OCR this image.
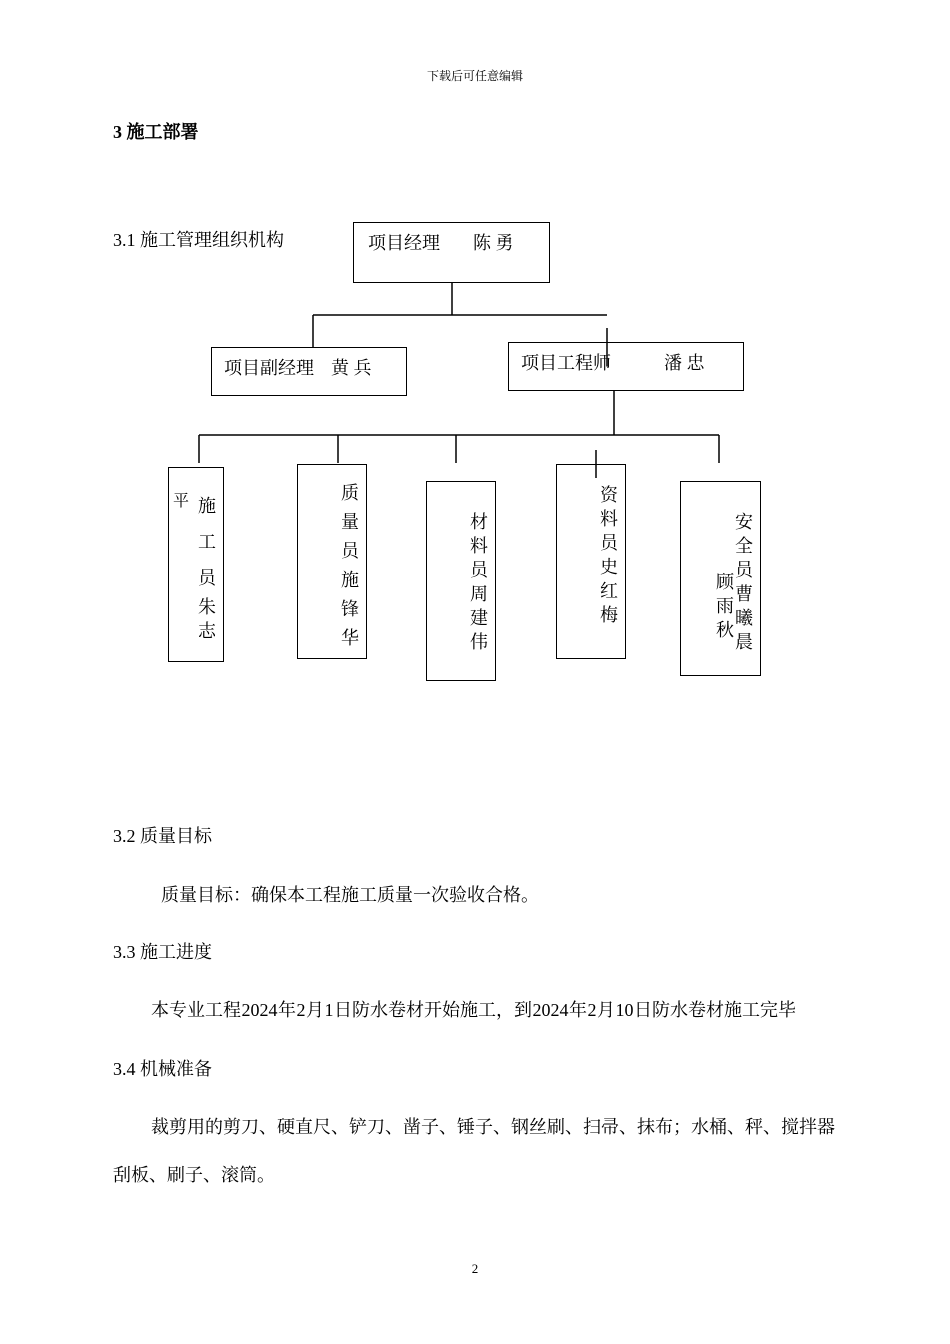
下载后可任意编辑
3 施工部署
3.1 施工管理组织机构	项目经理 陈 勇
项目副经理 黄 兵	项目工程师	潘 忠
平 施工员
朱志
质量员
施锋华
材料员
周建伟
资料员
史红梅
安全员
曹曦晨
顾雨秋
3.2 质量目标
质量目标：确保本工程施工质量一次验收合格。
3.3 施工进度
本专业工程 2024 年 2 月 1 日防水卷材开始施工，到 2024 年 2 月 10 日防水卷材施工完毕
3.4 机械准备
裁剪用的剪刀、硬直尺、铲刀、凿子、锤子、钢丝刷、扫帚、抹布；水桶、秤、搅拌器
刮板、刷子、滚筒。
2
